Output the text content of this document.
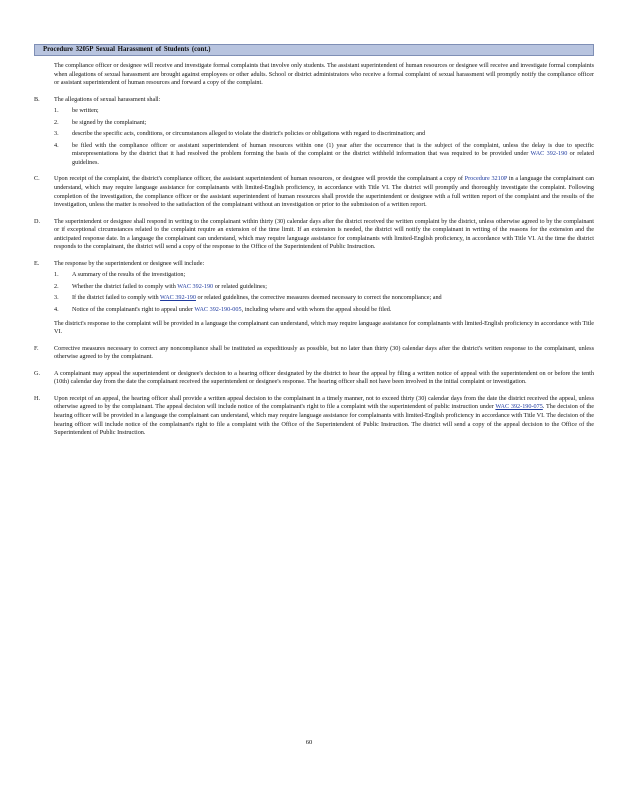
Procedure 3205P Sexual Harassment of Students (cont.)

The compliance officer or designee will receive and investigate formal complaints that involve only students. The assistant superintendent of human resources or designee will receive and investigate formal complaints when allegations of sexual harassment are brought against employees or other adults. School or district administrators who receive a formal complaint of sexual harassment will promptly notify the compliance officer or assistant superintendent of human resources and forward a copy of the complaint.

B. The allegations of sexual harassment shall:

1. be written;

2. be signed by the complainant;

3. describe the specific acts, conditions, or circumstances alleged to violate the district's policies or obligations with regard to discrimination; and

4. be filed with the compliance officer or assistant superintendent of human resources within one (1) year after the occurrence that is the subject of the complaint, unless the delay is due to specific misrepresentations by the district that it had resolved the problem forming the basis of the complaint or the district withheld information that was required to be provided under WAC 392-190 or related guidelines.

C. Upon receipt of the complaint, the district's compliance officer, the assistant superintendent of human resources, or designee will provide the complainant a copy of Procedure 3210P in a language the complainant can understand, which may require language assistance for complainants with limited-English proficiency, in accordance with Title VI. The district will promptly and thoroughly investigate the complaint. Following completion of the investigation, the compliance officer or the assistant superintendent of human resources shall provide the superintendent or designee with a full written report of the complaint and the results of the investigation, unless the matter is resolved to the satisfaction of the complainant without an investigation or prior to the submission of a written report.

D. The superintendent or designee shall respond in writing to the complainant within thirty (30) calendar days after the district received the written complaint by the district, unless otherwise agreed to by the complainant or if exceptional circumstances related to the complaint require an extension of the time limit. If an extension is needed, the district will notify the complainant in writing of the reasons for the extension and the anticipated response date. In a language the complainant can understand, which may require language assistance for complainants with limited-English proficiency, in accordance with Title VI. At the time the district responds to the complainant, the district will send a copy of the response to the Office of the Superintendent of Public Instruction.

E. The response by the superintendent or designee will include:

1. A summary of the results of the investigation;

2. Whether the district failed to comply with WAC 392-190 or related guidelines;

3. If the district failed to comply with WAC 392-190 or related guidelines, the corrective measures deemed necessary to correct the noncompliance; and

4. Notice of the complainant's right to appeal under WAC 392-190-005, including where and with whom the appeal should be filed.

The district's response to the complaint will be provided in a language the complainant can understand, which may require language assistance for complainants with limited-English proficiency in accordance with Title VI.

F.	Corrective measures necessary to correct any noncompliance shall be instituted as expeditiously as possible, but no later than thirty (30) calendar days after the district's written response to the complainant, unless otherwise agreed to by the complainant.

G. A complainant may appeal the superintendent or designee's decision to a hearing officer designated by the district to hear the appeal by filing a written notice of appeal with the superintendent on or before the tenth (10th) calendar day from the date the complainant received the superintendent or designee's response. The hearing officer shall not have been involved in the initial complaint or investigation.

H. Upon receipt of an appeal, the hearing officer shall provide a written appeal decision to the complainant in a timely manner, not to exceed thirty (30) calendar days from the date the district received the appeal, unless otherwise agreed to by the complainant. The appeal decision will include notice of the complainant's right to file a complaint with the superintendent of public instruction under WAC 392-190-075. The decision of the hearing officer will be provided in a language the complainant can understand, which may require language assistance for complainants with limited-English proficiency in accordance with Title VI. The decision of the hearing officer will include notice of the complainant's right to file a complaint with the Office of the Superintendent of Public Instruction. The district will send a copy of the appeal decision to the Office of the Superintendent of Public Instruction.

60
